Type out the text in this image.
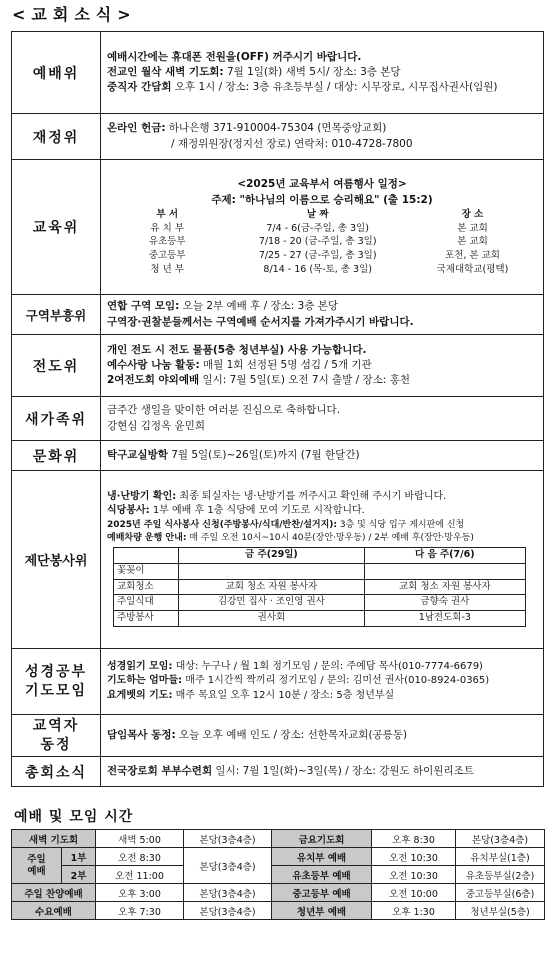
<교회소식>
예배위	
예배시간에는 휴대폰 전원을(OFF) 꺼주시기 바랍니다.
전교인 월삭 새벽 기도회: 7월 1일(화) 새벽 5시/ 장소: 3층 본당
중직자 간담회 오후 1시 / 장소: 3층 유초등부실 / 대상: 시무장로, 시무집사권사(임원)

재정위	
온라인 헌금: 하나은행 371-910004-75304 (면목중앙교회)
/ 재정위원장(정지선 장로) 연락처: 010-4728-7800

교육위	
<2025년 교육부서 여름행사 일정>
주제: "하나님의 이름으로 승리해요" (출 15:2)
부 서	날 짜	장 소
유 치 부	7/4 - 6(금-주일, 총 3일)	본 교회
유초등부	7/18 - 20 (금-주일, 총 3일)	본 교회
중고등부	7/25 - 27 (금-주일, 총 3일)	포천, 본 교회
청 년 부	8/14 - 16 (목-토, 총 3일)	국제대학교(평택)

구역부흥위	
연합 구역 모임: 오늘 2부 예배 후 / 장소: 3층 본당
구역장·권찰분들께서는 구역예배 순서지를 가져가주시기 바랍니다.

전도위	
개인 전도 시 전도 물품(5층 청년부실) 사용 가능합니다.
예수사랑 나눔 활동: 매월 1회 선정된 5명 섬김 / 5개 기관
2여전도회 야외예배 일시: 7월 5일(토) 오전 7시 출발 / 장소: 홍천

새가족위	
금주간 생일을 맞이한 여러분 진심으로 축하합니다.
강현심 김정옥 윤민희

문화위	탁구교실방학 7월 5일(토)~26일(토)까지 (7월 한달간)

제단봉사위	
냉·난방기 확인: 최종 퇴실자는 냉·난방기를 꺼주시고 확인해 주시기 바랍니다.
식당봉사: 1부 예배 후 1층 식당에 모여 기도로 시작합니다.
2025년 주일 식사봉사 신청(주방봉사/식대/반찬/설거지): 3층 및 식당 입구 게시판에 신청
예배차량 운행 안내: 매 주일 오전 10시~10시 40분(장안·망우동) / 2부 예배 후(장안·망우동)
	금 주(29일)	다 음 주(7/6)
꽃꽂이		
교회청소	교회 청소 자원 봉사자	교회 청소 자원 봉사자
주일식대	김강민 집사 · 조인영 권사	금향숙 권사
주방봉사	권사회	1남전도회-3

성경공부
기도모임

성경읽기 모임: 대상: 누구나 / 월 1회 정기모임 / 문의: 주예담 목사(010-7774-6679)
기도하는 엄마들: 매주 1시간씩 짝끼리 정기모임 / 문의: 김미선 권사(010-8924-0365)
요게벳의 기도: 매주 목요일 오후 12시 10분 / 장소: 5층 청년부실

교역자
동정

담임목사 동정: 오늘 오후 예배 인도 / 장소: 선한목자교회(공릉동)

총회소식	전국장로회 부부수련회 일시: 7월 1일(화)~3일(목) / 장소: 강원도 하이원리조트
예배 및 모임 시간
새벽 기도회		새벽 5:00	본당(3층4층)	금요기도회	오후 8:30	본당(3층4층)

주일
예배	1부	오전 8:30	본당(3층4층)	유치부 예배	오전 10:30	유치부실(1층)
	2부	오전 11:00		유초등부 예배	오전 10:30	유초등부실(2층)
주일 찬양예배		오후 3:00	본당(3층4층)	중고등부 예배	오전 10:00	중고등부실(6층)
수요예배		오후 7:30	본당(3층4층)	청년부 예배	오후 1:30	청년부실(5층)
